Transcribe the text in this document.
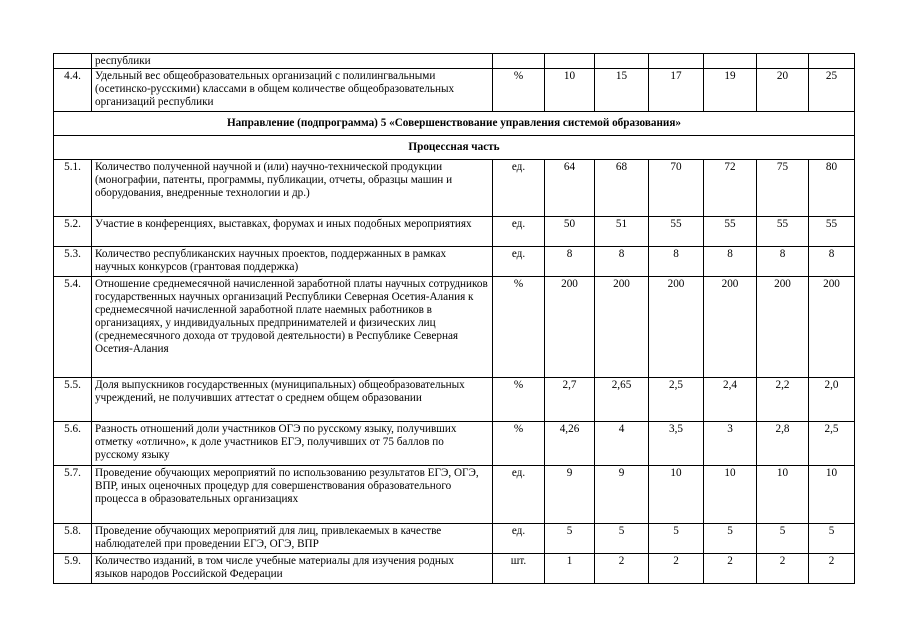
	республики							
4.4.	Удельный вес общеобразовательных организаций с полилингвальными (осетинско-русскими) классами в общем количестве общеобразовательных организаций республики	%	10	15	17	19	20	25
Направление (подпрограмма) 5 «Совершенствование управления системой образования»								
Процессная часть								
5.1.	Количество полученной научной и (или) научно-технической продукции (монографии, патенты, программы, публикации, отчеты, образцы машин и оборудования, внедренные технологии и др.)	ед.	64	68	70	72	75	80
5.2.	Участие в конференциях, выставках, форумах и иных подобных мероприятиях	ед.	50	51	55	55	55	55
5.3.	Количество республиканских научных проектов, поддержанных в рамках научных конкурсов (грантовая поддержка)	ед.	8	8	8	8	8	8
5.4.	Отношение среднемесячной начисленной заработной платы научных сотрудников государственных научных организаций Республики Северная Осетия-Алания к среднемесячной начисленной заработной плате наемных работников в организациях, у индивидуальных предпринимателей и физических лиц (среднемесячного дохода от трудовой деятельности) в Республике Северная Осетия-Алания	%	200	200	200	200	200	200
5.5.	Доля выпускников государственных (муниципальных) общеобразовательных учреждений, не получивших аттестат о среднем общем образовании	%	2,7	2,65	2,5	2,4	2,2	2,0
5.6.	Разность отношений доли участников ОГЭ по русскому языку, получивших отметку «отлично», к доле участников ЕГЭ, получивших от 75 баллов по русскому языку	%	4,26	4	3,5	3	2,8	2,5
5.7.	Проведение обучающих мероприятий по использованию результатов ЕГЭ, ОГЭ, ВПР, иных оценочных процедур для совершенствования образовательного процесса в образовательных организациях	ед.	9	9	10	10	10	10
5.8.	Проведение обучающих мероприятий для лиц, привлекаемых в качестве наблюдателей при проведении ЕГЭ, ОГЭ, ВПР	ед.	5	5	5	5	5	5
5.9.	Количество изданий, в том числе учебные материалы для изучения родных языков народов Российской Федерации	шт.	1	2	2	2	2	2
